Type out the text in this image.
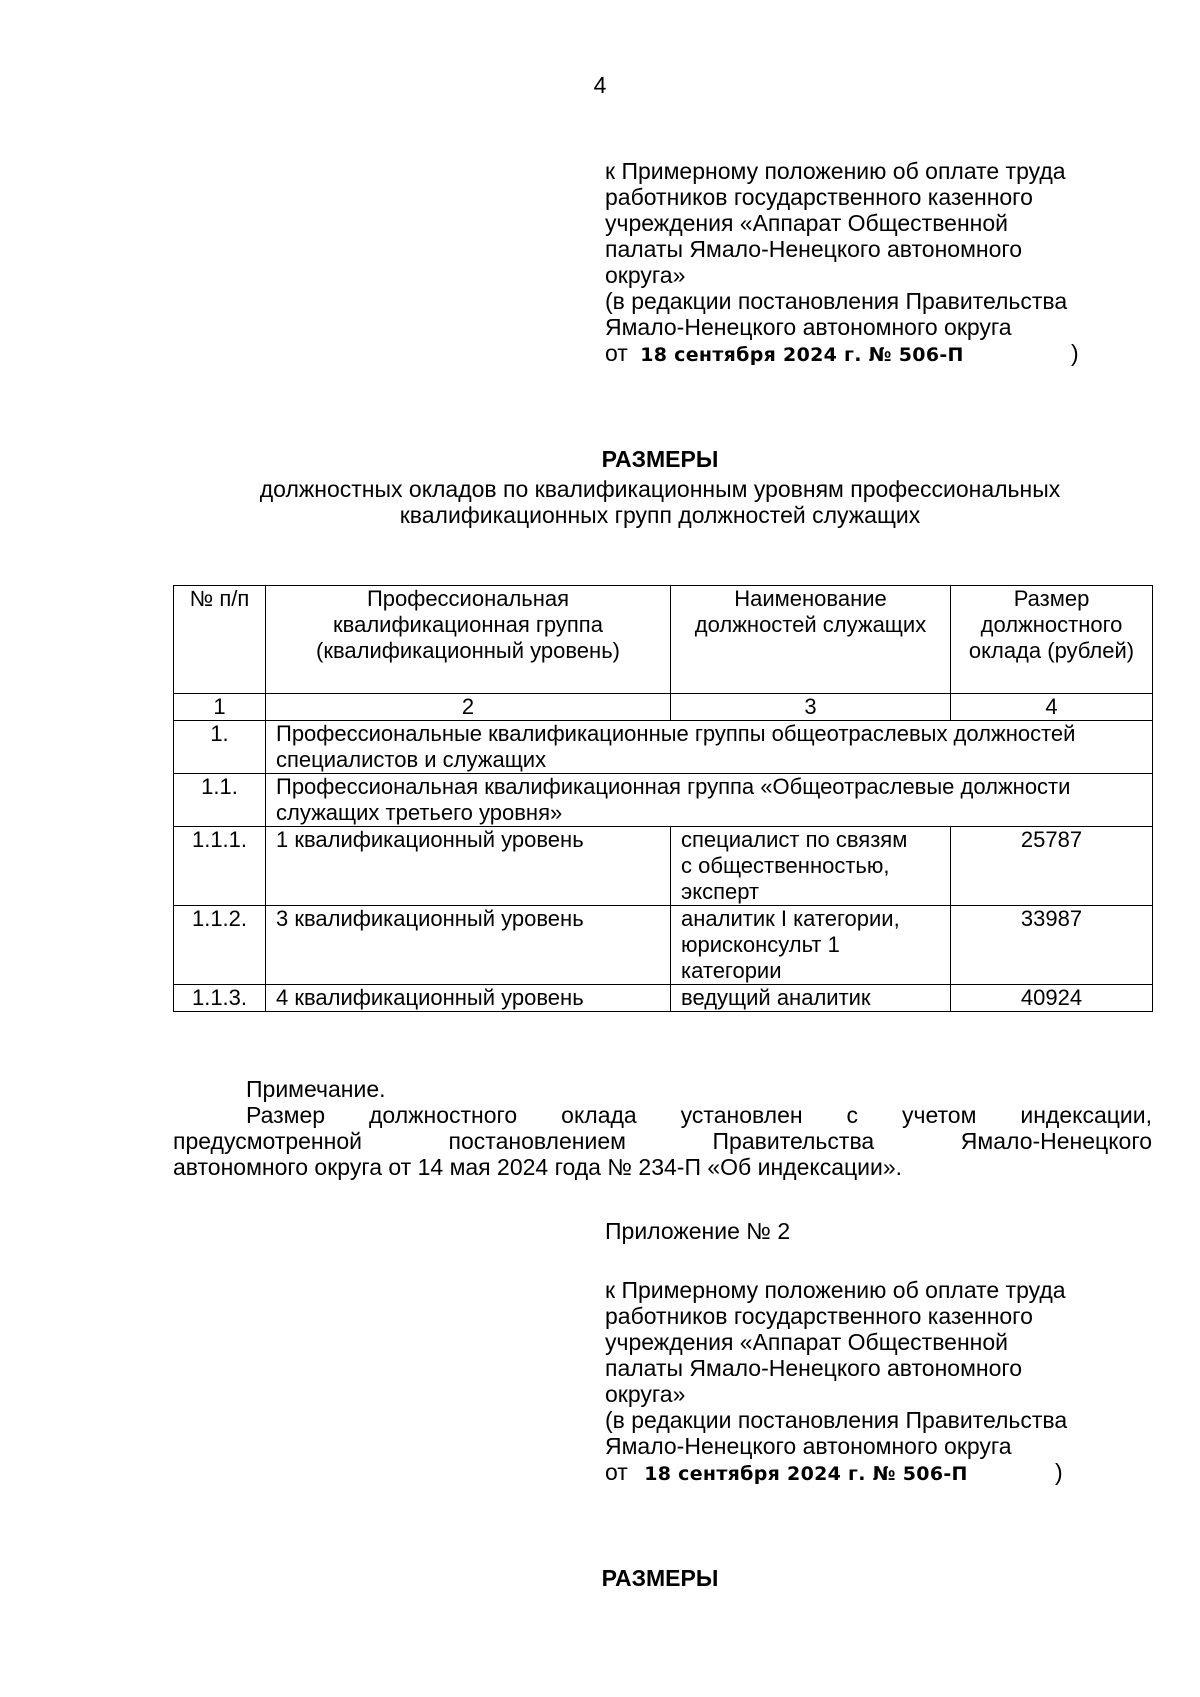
4
к Примерному положению об оплате труда
работников государственного казенного
учреждения «Аппарат Общественной
палаты Ямало-Ненецкого автономного
округа»
(в редакции постановления Правительства
Ямало-Ненецкого автономного округа
от 18 сентября 2024 г. № 506-П	)
РАЗМЕРЫ
должностных окладов по квалификационным уровням профессиональных
квалификационных групп должностей служащих
№ п/п	Профессиональная квалификационная группа (квалификационный уровень)	Наименование должностей служащих	Размер должностного оклада (рублей)
1	2	3	4
1.	Профессиональные квалификационные группы общеотраслевых должностей специалистов и служащих		
1.1.	Профессиональная квалификационная группа «Общеотраслевые должности служащих третьего уровня»		
1.1.1.	1 квалификационный уровень	специалист по связям с общественностью, эксперт	25787
1.1.2.	3 квалификационный уровень	аналитик I категории, юрисконсульт 1 категории	33987
1.1.3.	4 квалификационный уровень	ведущий аналитик	40924
Примечание.
Размер должностного оклада установлен с учетом индексации,
предусмотренной постановлением Правительства Ямало-Ненецкого
автономного округа от 14 мая 2024 года № 234-П «Об индексации».
Приложение № 2
к Примерному положению об оплате труда
работников государственного казенного
учреждения «Аппарат Общественной
палаты Ямало-Ненецкого автономного
округа»
(в редакции постановления Правительства
Ямало-Ненецкого автономного округа
от 18 сентября 2024 г. № 506-П	)
РАЗМЕРЫ
